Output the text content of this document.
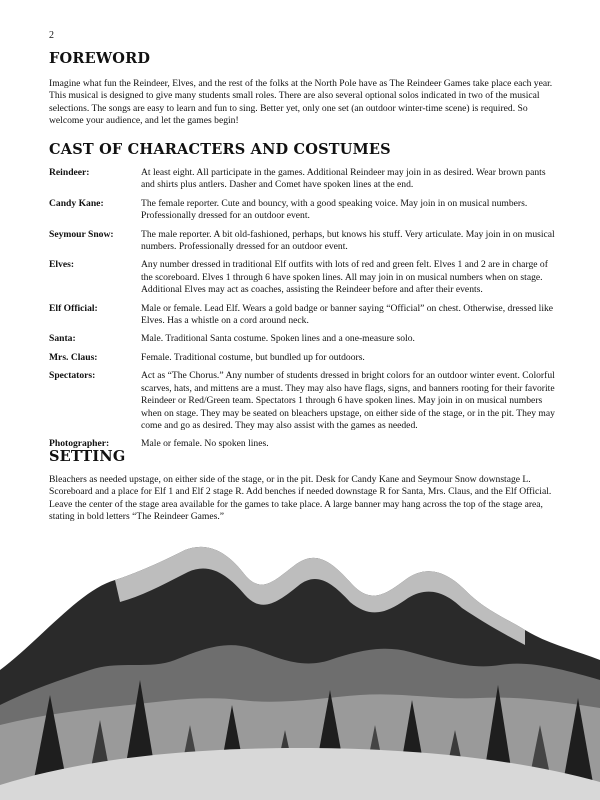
2
FOREWORD

Imagine what fun the Reindeer, Elves, and the rest of the folks at the North Pole have as The Reindeer Games take place each year. This musical is designed to give many students small roles. There are also several optional solos indicated in two of the musical selections. The songs are easy to learn and fun to sing. Better yet, only one set (an outdoor winter-time scene) is required. So welcome your audience, and let the games begin!

CAST OF CHARACTERS AND COSTUMES
Reindeer:	At least eight. All participate in the games. Additional Reindeer may join in as desired. Wear brown pants and shirts plus antlers. Dasher and Comet have spoken lines at the end.
Candy Kane:	The female reporter. Cute and bouncy, with a good speaking voice. May join in on musical numbers. Professionally dressed for an outdoor event.
Seymour Snow:	The male reporter. A bit old-fashioned, perhaps, but knows his stuff. Very articulate. May join in on musical numbers. Professionally dressed for an outdoor event.
Elves:	Any number dressed in traditional Elf outfits with lots of red and green felt. Elves 1 and 2 are in charge of the scoreboard. Elves 1 through 6 have spoken lines. All may join in on musical numbers when on stage. Additional Elves may act as coaches, assisting the Reindeer before and after their events.
Elf Official:	Male or female. Lead Elf. Wears a gold badge or banner saying “Official” on chest. Otherwise, dressed like Elves. Has a whistle on a cord around neck.
Santa:	Male. Traditional Santa costume. Spoken lines and a one-measure solo.
Mrs. Claus:	Female. Traditional costume, but bundled up for outdoors.
Spectators:	Act as “The Chorus.” Any number of students dressed in bright colors for an outdoor winter event. Colorful scarves, hats, and mittens are a must. They may also have flags, signs, and banners rooting for their favorite Reindeer or Red/Green team. Spectators 1 through 6 have spoken lines. May join in on musical numbers when on stage. They may be seated on bleachers upstage, on either side of the stage, or in the pit. They may come and go as desired. They may also assist with the games as needed.
Photographer:	Male or female. No spoken lines.
SETTING

Bleachers as needed upstage, on either side of the stage, or in the pit. Desk for Candy Kane and Seymour Snow downstage L. Scoreboard and a place for Elf 1 and Elf 2 stage R. Add benches if needed downstage R for Santa, Mrs. Claus, and the Elf Official. Leave the center of the stage area available for the games to take place. A large banner may hang across the top of the stage area, stating in bold letters “The Reindeer Games.”
